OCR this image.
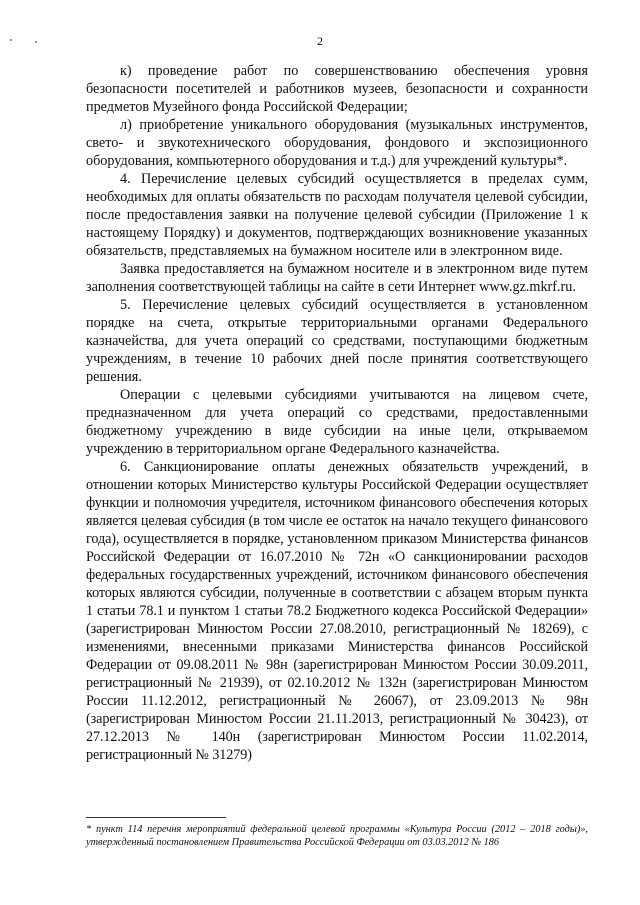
2

к) проведение работ по совершенствованию обеспечения уровня безопасности посетителей и работников музеев, безопасности и сохранности предметов Музейного фонда Российской Федерации;

л) приобретение уникального оборудования (музыкальных инструментов, свето- и звукотехнического оборудования, фондового и экспозиционного оборудования, компьютерного оборудования и т.д.) для учреждений культуры*.

4. Перечисление целевых субсидий осуществляется в пределах сумм, необходимых для оплаты обязательств по расходам получателя целевой субсидии, после предоставления заявки на получение целевой субсидии (Приложение 1 к настоящему Порядку) и документов, подтверждающих возникновение указанных обязательств, представляемых на бумажном носителе или в электронном виде.

Заявка предоставляется на бумажном носителе и в электронном виде путем заполнения соответствующей таблицы на сайте в сети Интернет www.gz.mkrf.ru.

5. Перечисление целевых субсидий осуществляется в установленном порядке на счета, открытые территориальными органами Федерального казначейства, для учета операций со средствами, поступающими бюджетным учреждениям, в течение 10 рабочих дней после принятия соответствующего решения.

Операции с целевыми субсидиями учитываются на лицевом счете, предназначенном для учета операций со средствами, предоставленными бюджетному учреждению в виде субсидии на иные цели, открываемом учреждению в территориальном органе Федерального казначейства.

6. Санкционирование оплаты денежных обязательств учреждений, в отношении которых Министерство культуры Российской Федерации осуществляет функции и полномочия учредителя, источником финансового обеспечения которых является целевая субсидия (в том числе ее остаток на начало текущего финансового года), осуществляется в порядке, установленном приказом Министерства финансов Российской Федерации от 16.07.2010 № 72н «О санкционировании расходов федеральных государственных учреждений, источником финансового обеспечения которых являются субсидии, полученные в соответствии с абзацем вторым пункта 1 статьи 78.1 и пунктом 1 статьи 78.2 Бюджетного кодекса Российской Федерации» (зарегистрирован Минюстом России 27.08.2010, регистрационный № 18269), с изменениями, внесенными приказами Министерства финансов Российской Федерации от 09.08.2011 № 98н (зарегистрирован Минюстом России 30.09.2011, регистрационный № 21939), от 02.10.2012 № 132н (зарегистрирован Минюстом России 11.12.2012, регистрационный № 26067), от 23.09.2013 № 98н (зарегистрирован Минюстом России 21.11.2013, регистрационный № 30423), от 27.12.2013 № 140н (зарегистрирован Минюстом России 11.02.2014, регистрационный № 31279)

* пункт 114 перечня мероприятий федеральной целевой программы «Культура России (2012 – 2018 годы)», утвержденный постановлением Правительства Российской Федерации от 03.03.2012 № 186
